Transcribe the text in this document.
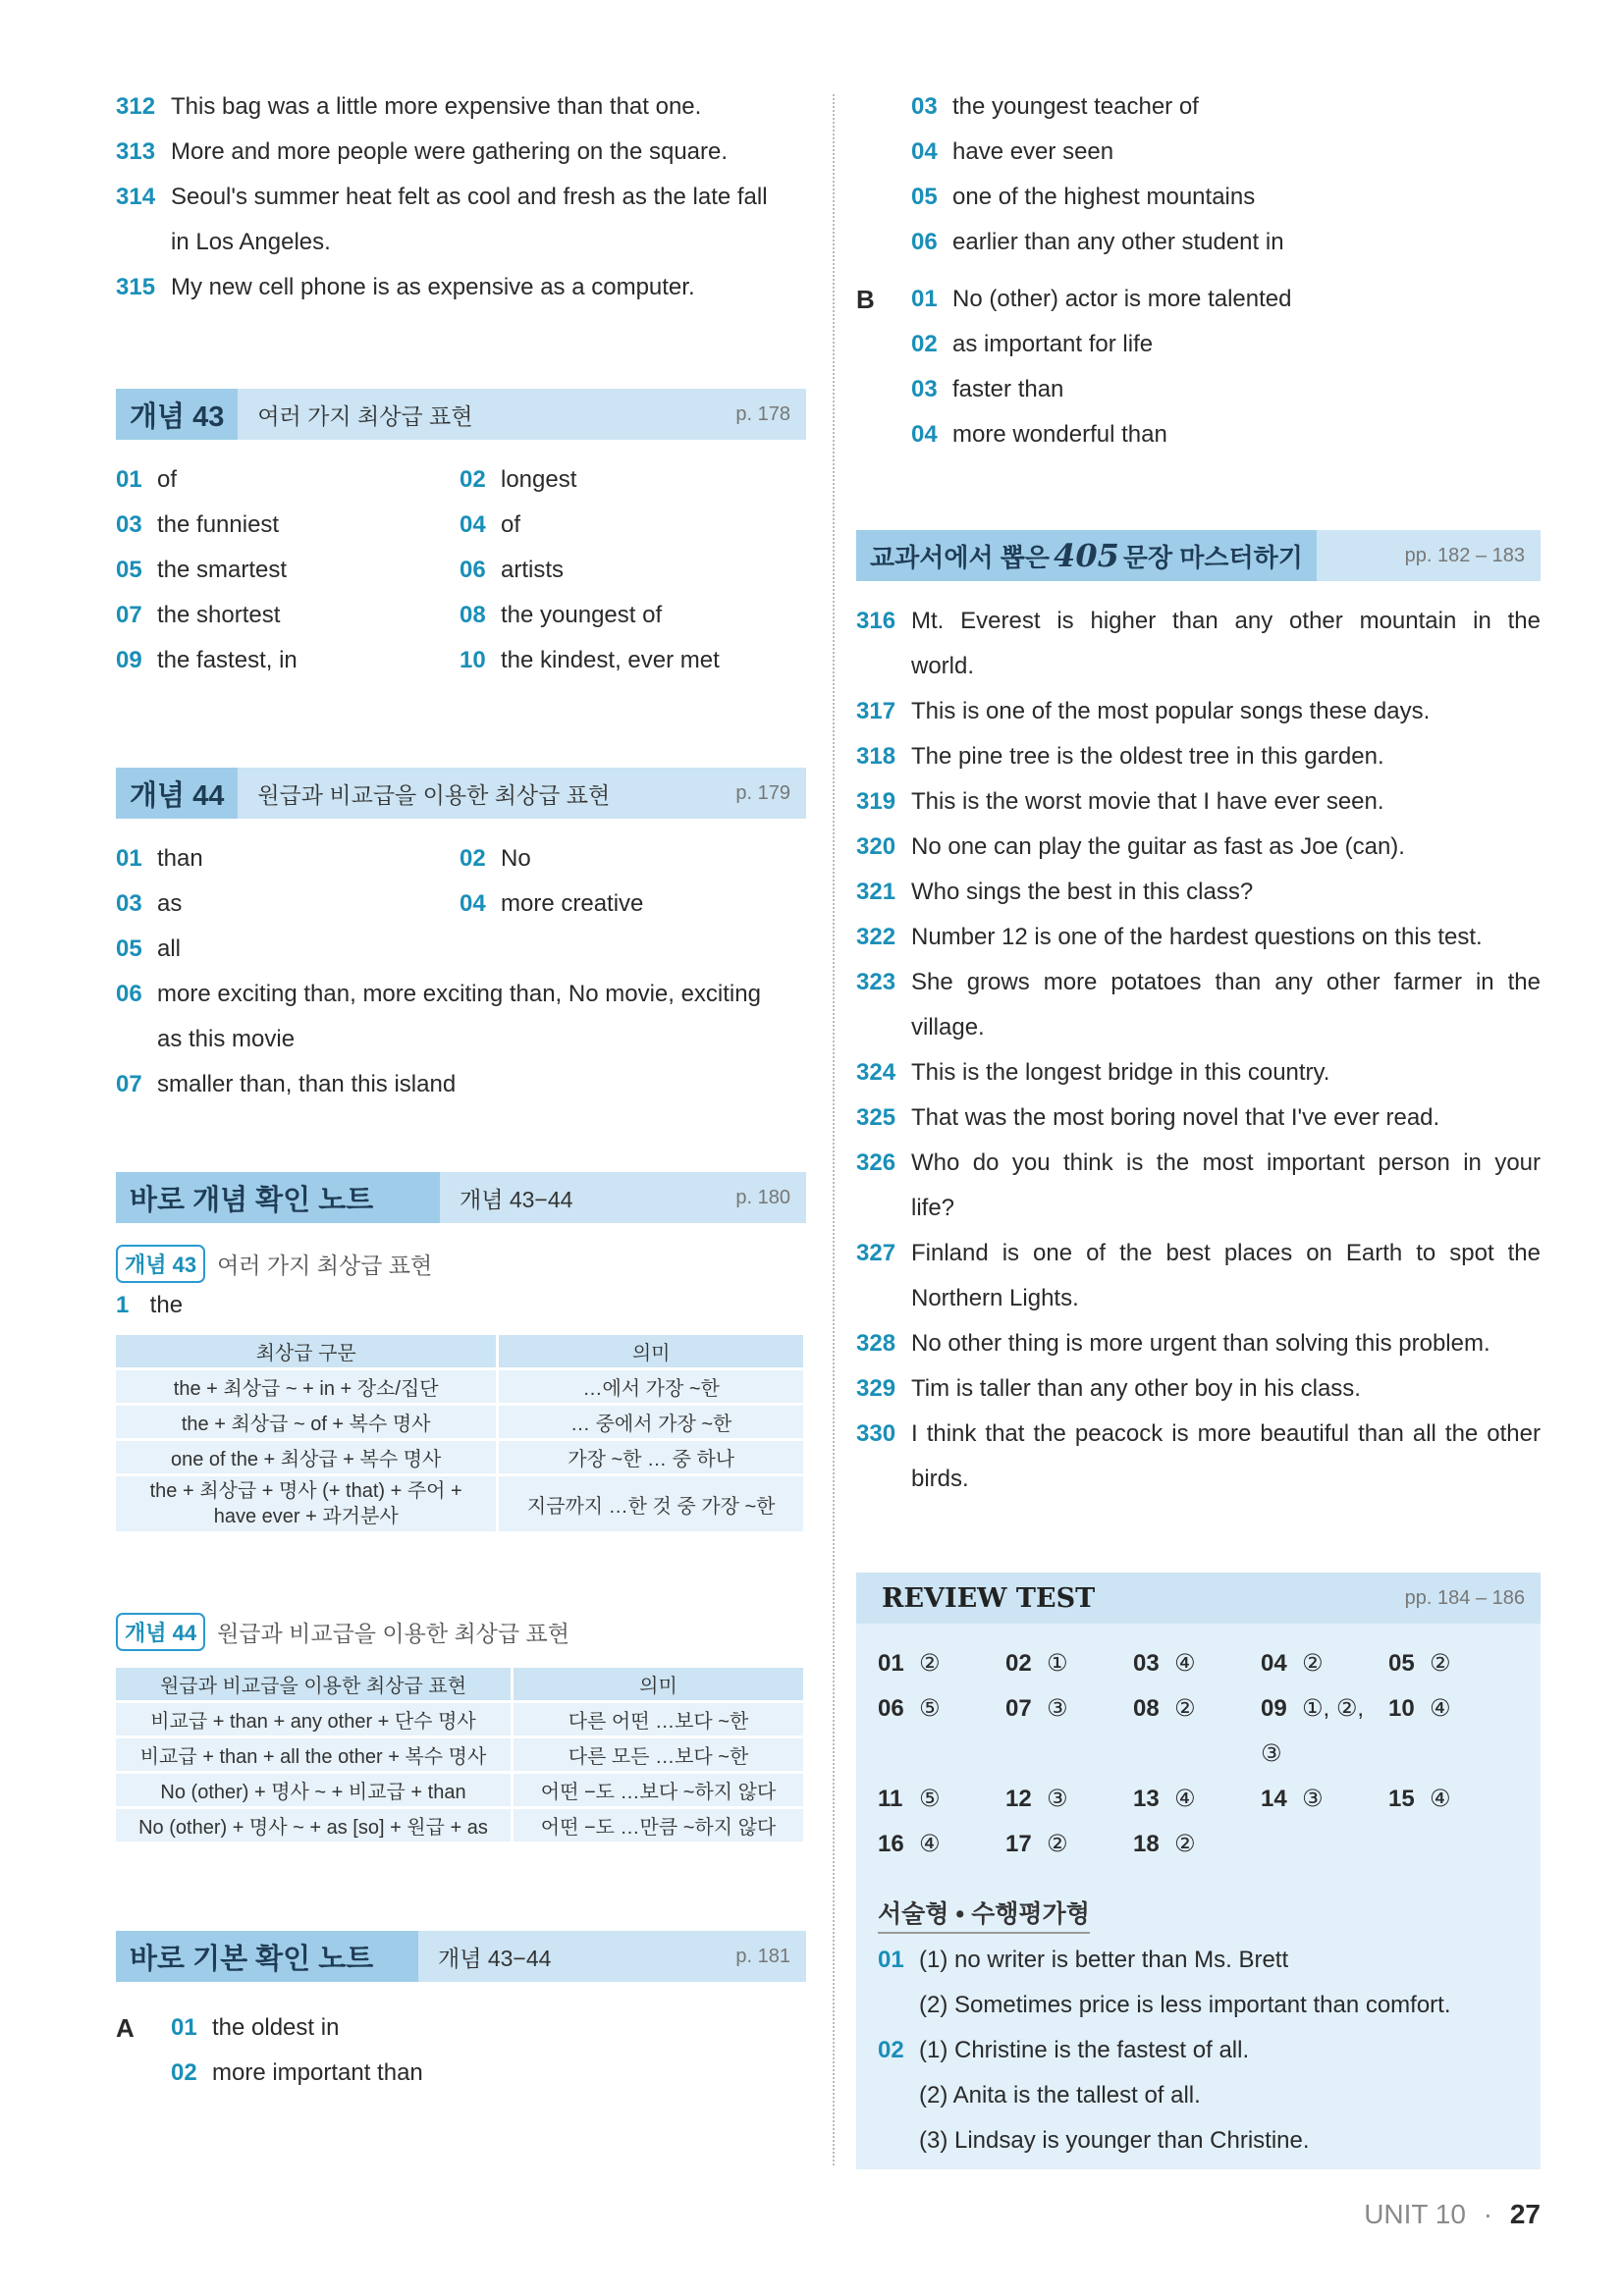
312 This bag was a little more expensive than that one.
313 More and more people were gathering on the square.
314 Seoul's summer heat felt as cool and fresh as the late fall
in Los Angeles.
315 My new cell phone is as expensive as a computer.
개념 43	여러 가지 최상급 표현	p. 178
01 of	02 longest
03 the funniest	04 of
05 the smartest	06 artists
07 the shortest	08 the youngest of
09 the fastest, in	10 the kindest, ever met
개념 44	원급과 비교급을 이용한 최상급 표현	p. 179
01 than	02 No
03 as	04 more creative
05 all
06 more exciting than, more exciting than, No movie, exciting
as this movie
07 smaller than, than this island
바로 개념 확인 노트	개념 43−44	p. 180
개념 43 여러 가지 최상급 표현
1 the
최상급 구문	의미
the + 최상급 ~ + in + 장소/집단	…에서 가장 ~한
the + 최상급 ~ of + 복수 명사	… 중에서 가장 ~한
one of the + 최상급 + 복수 명사	가장 ~한 … 중 하나

the + 최상급 + 명사 (+ that) + 주어 +
have ever + 과거분사	지금까지 …한 것 중 가장 ~한
개념 44 원급과 비교급을 이용한 최상급 표현
원급과 비교급을 이용한 최상급 표현	의미
비교급 + than + any other + 단수 명사	다른 어떤 …보다 ~한
비교급 + than + all the other + 복수 명사	다른 모든 …보다 ~한
No (other) + 명사 ~ + 비교급 + than	어떤 −도 …보다 ~하지 않다
No (other) + 명사 ~ + as [so] + 원급 + as	어떤 −도 …만큼 ~하지 않다
바로 기본 확인 노트	개념 43−44	p. 181
A	01 the oldest in
02 more important than
03 the youngest teacher of
04 have ever seen
05 one of the highest mountains
06 earlier than any other student in
B	01 No (other) actor is more talented
02 as important for life
03 faster than
04 more wonderful than
교과서에서 뽑은 405 문장 마스터하기	pp. 182 – 183
316 Mt. Everest is higher than any other mountain in the
world.
317 This is one of the most popular songs these days.
318 The pine tree is the oldest tree in this garden.
319 This is the worst movie that I have ever seen.
320 No one can play the guitar as fast as Joe (can).
321 Who sings the best in this class?
322 Number 12 is one of the hardest questions on this test.
323 She grows more potatoes than any other farmer in the
village.
324 This is the longest bridge in this country.
325 That was the most boring novel that I've ever read.
326 Who do you think is the most important person in your
life?
327 Finland is one of the best places on Earth to spot the
Northern Lights.
328 No other thing is more urgent than solving this problem.
329 Tim is taller than any other boy in his class.
330 I think that the peacock is more beautiful than all the other
birds.
REVIEW TEST	pp. 184 – 186
01 ②	02 ①	03 ④	04 ②	05 ②
06 ⑤	07 ③	08 ②	09 ①, ②, ③
10 ④
11 ⑤	12 ③	13 ④	14 ③	15 ④
16 ④	17 ②	18 ②
서술형 • 수행평가형
01 (1) no writer is better than Ms. Brett
(2) Sometimes price is less important than comfort.
02 (1) Christine is the fastest of all.
(2) Anita is the tallest of all.
(3) Lindsay is younger than Christine.
UNIT 10 · 27
